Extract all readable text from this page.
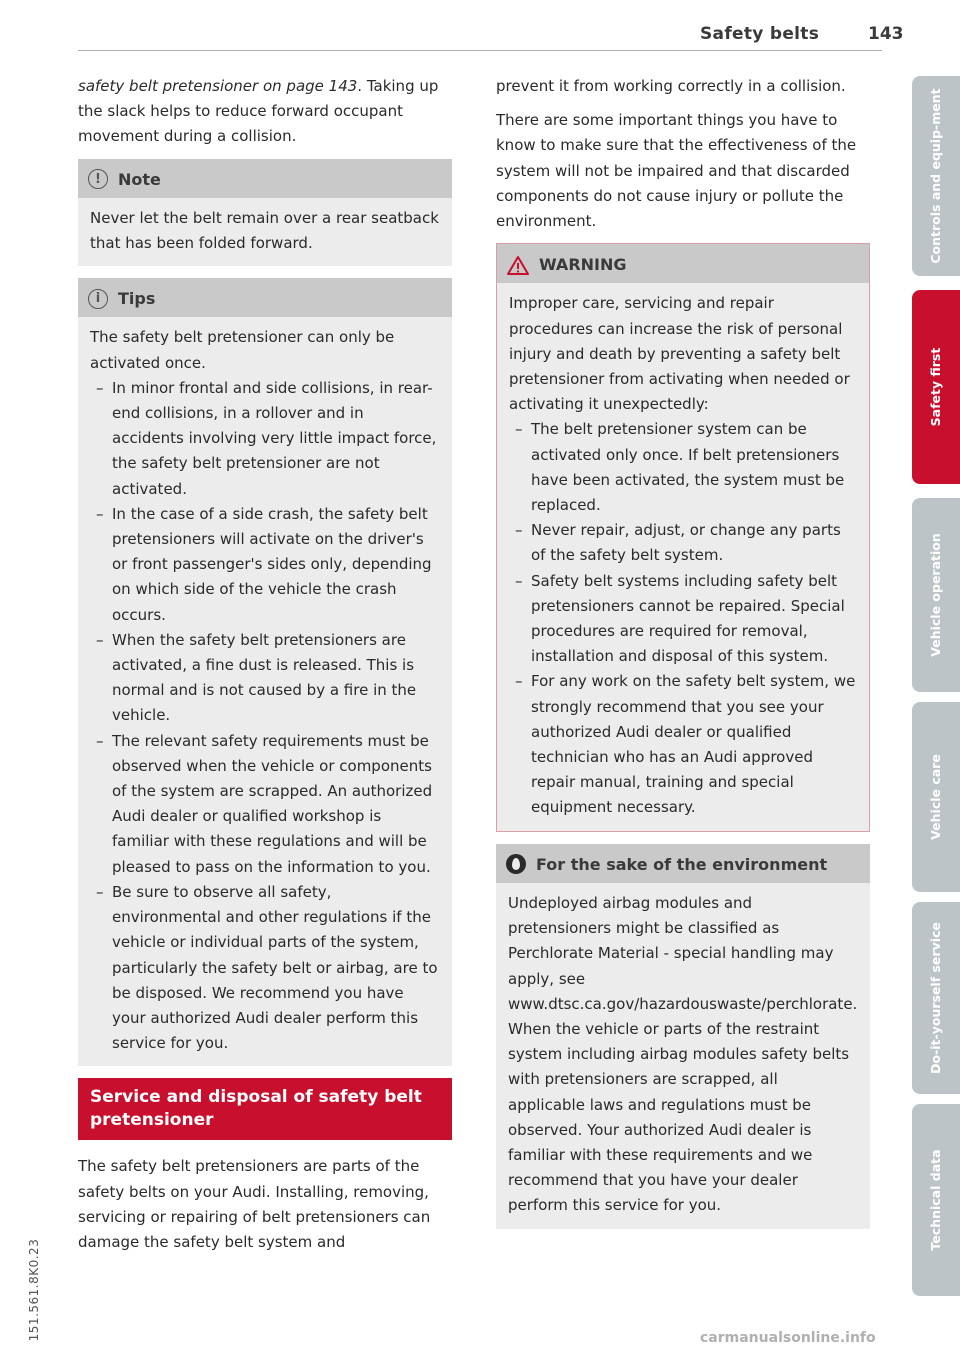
Safety belts	143

safety belt pretensioner on page 143. Taking up the slack helps to reduce forward occupant movement during a collision.

!	Note

Never let the belt remain over a rear seatback that has been folded forward.

i	Tips

The safety belt pretensioner can only be activated once.

– In minor frontal and side collisions, in rear-end collisions, in a rollover and in accidents involving very little impact force, the safety belt pretensioner are not activated.
– In the case of a side crash, the safety belt pretensioners will activate on the driver's or front passenger's sides only, depending on which side of the vehicle the crash occurs.
– When the safety belt pretensioners are activated, a fine dust is released. This is normal and is not caused by a fire in the vehicle.
– The relevant safety requirements must be observed when the vehicle or components of the system are scrapped. An authorized Audi dealer or qualified workshop is familiar with these regulations and will be pleased to pass on the information to you.
– Be sure to observe all safety, environmental and other regulations if the vehicle or individual parts of the system, particularly the safety belt or airbag, are to be disposed. We recommend you have your authorized Audi dealer perform this service for you.
Service and disposal of safety belt pretensioner

The safety belt pretensioners are parts of the safety belts on your Audi. Installing, removing, servicing or repairing of belt pretensioners can damage the safety belt system and

prevent it from working correctly in a collision.

There are some important things you have to know to make sure that the effectiveness of the system will not be impaired and that discarded components do not cause injury or pollute the environment.

WARNING

Improper care, servicing and repair procedures can increase the risk of personal injury and death by preventing a safety belt pretensioner from activating when needed or activating it unexpectedly:

– The belt pretensioner system can be activated only once. If belt pretensioners have been activated, the system must be replaced.
– Never repair, adjust, or change any parts of the safety belt system.
– Safety belt systems including safety belt pretensioners cannot be repaired. Special procedures are required for removal, installation and disposal of this system.
– For any work on the safety belt system, we strongly recommend that you see your authorized Audi dealer or qualified technician who has an Audi approved repair manual, training and special equipment necessary.
For the sake of the environment

Undeployed airbag modules and pretensioners might be classified as Perchlorate Material - special handling may apply, see www.dtsc.ca.gov/hazardouswaste/perchlorate. When the vehicle or parts of the restraint system including airbag modules safety belts with pretensioners are scrapped, all applicable laws and regulations must be observed. Your authorized Audi dealer is familiar with these requirements and we recommend that you have your dealer perform this service for you.

151.561.8K0.23
Controls and equip-ment
Safety first
Vehicle operation
Vehicle care
Do-it-yourself service
Technical data
carmanualsonline.info
